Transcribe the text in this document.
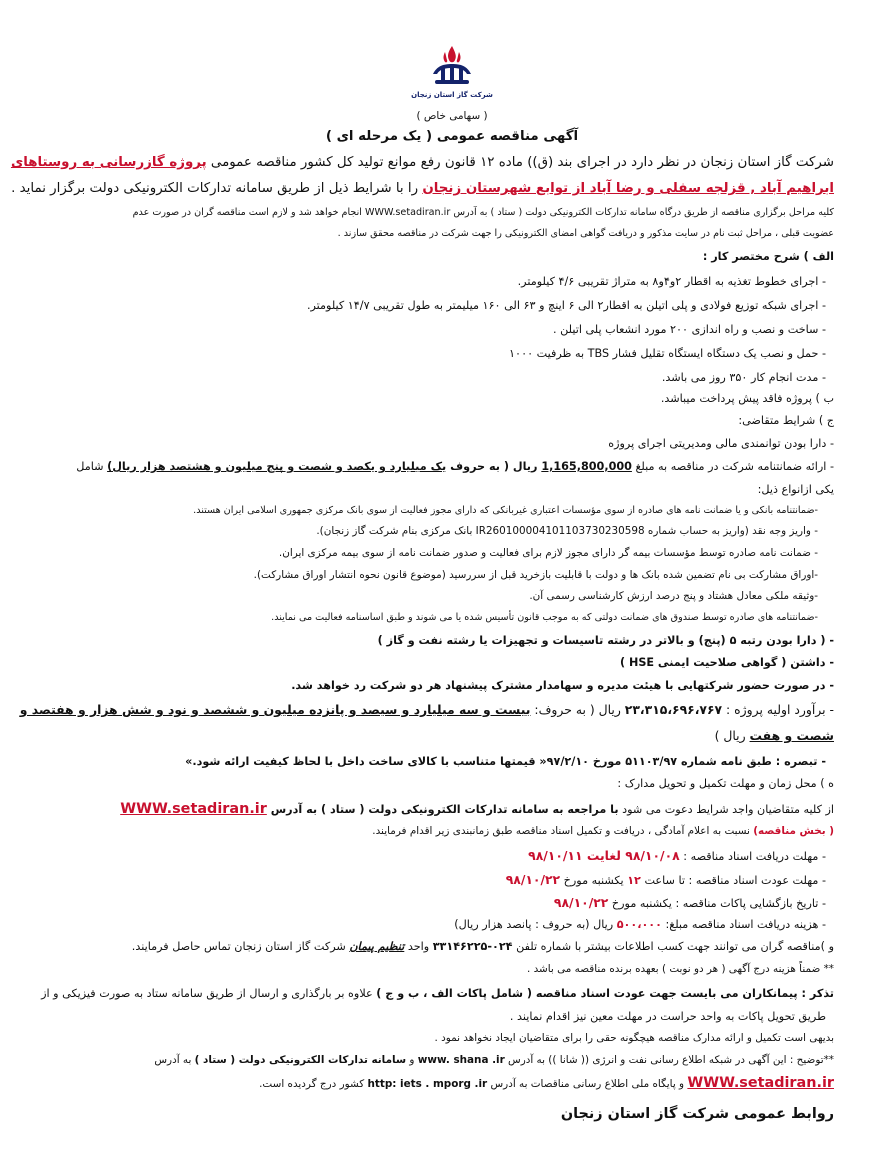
شرکت گاز استان زنجان
( سهامی خاص )
آگهی مناقصه عمومی ( یک مرحله ای )
شرکت گاز استان زنجان در نظر دارد در اجرای بند (ق)) ماده ۱۲ قانون رفع موانع تولید کل کشور مناقصه عمومی پروژه گازرسانی به روستاهای
ابراهیم آباد , قزلجه سفلی و رضا آباد از توابع شهرستان زنجان را با شرایط ذیل از طریق سامانه تدارکات الکترونیکی دولت برگزار نماید .
کلیه مراحل برگزاری مناقصه از طریق درگاه سامانه تدارکات الکترونیکی دولت ( ستاد ) به آدرس WWW.setadiran.ir انجام خواهد شد و لازم است مناقصه گران در صورت عدم
عضویت قبلی ، مراحل ثبت نام در سایت مذکور و دریافت گواهی امضای الکترونیکی را جهت شرکت در مناقصه محقق سازند .
الف ) شرح مختصر کار :
- اجرای خطوط تغذیه به اقطار ۲و۴و۸ به متراژ تقریبی ۴/۶ کیلومتر.
- اجرای شبکه توزیع فولادی و پلی اتیلن به اقطار۲ الی ۶ اینچ و ۶۳ الی ۱۶۰ میلیمتر به طول تقریبی ۱۴/۷ کیلومتر.
- ساخت و نصب و راه اندازی ۲۰۰ مورد انشعاب پلی اتیلن .
- حمل و نصب یک دستگاه ایستگاه تقلیل فشار TBS به ظرفیت ۱۰۰۰
- مدت انجام کار ۳۵۰ روز می باشد.
ب ) پروژه فاقد پیش پرداخت میباشد.
ج ) شرایط متقاضی:
- دارا بودن توانمندی مالی ومدیریتی اجرای پروژه
- ارائه ضمانتنامه شرکت در مناقصه به مبلغ 1,165,800,000 ریال ( به حروف یک میلیارد و یکصد و شصت و پنج میلیون و هشتصد هزار ریال) شامل
یکی ازانواع ذیل:
-ضمانتنامه بانکی و یا ضمانت نامه های صادره از سوی مؤسسات اعتباری غیربانکی که دارای مجوز فعالیت از سوی بانک مرکزی جمهوری اسلامی ایران هستند.
- واریز وجه نقد (واریز به حساب شماره IR260100004101103730230598 بانک مرکزی بنام شرکت گاز زنجان).
- ضمانت نامه صادره توسط مؤسسات بیمه گر دارای مجوز لازم برای فعالیت و صدور ضمانت نامه از سوی بیمه مرکزی ایران.
-اوراق مشارکت بی نام تضمین شده بانک ها و دولت با قابلیت بازخرید قبل از سررسید (موضوع قانون نحوه انتشار اوراق مشارکت).
-وثیقه ملکی معادل هشتاد و پنج درصد ارزش کارشناسی رسمی آن.
-ضمانتنامه های صادره توسط صندوق های ضمانت دولتی که به موجب قانون تأسیس شده یا می شوند و طبق اساسنامه فعالیت می نمایند.
- ( دارا بودن رتبه ۵ (پنج) و بالاتر در رشته تاسیسات و تجهیزات یا رشته نفت و گاز )
- داشتن ( گواهی صلاحیت ایمنی HSE )
- در صورت حضور شرکتهایی با هیئت مدیره و سهامدار مشترک پیشنهاد هر دو شرکت رد خواهد شد.
- برآورد اولیه پروژه : ۲۳،۳۱۵،۶۹۶،۷۶۷ ریال ( به حروف: بیست و سه میلیارد و سیصد و پانزده میلیون و ششصد و نود و شش هزار و هفتصد و
شصت و هفت ریال )
- تبصره : طبق نامه شماره ۵۱۱۰۳/۹۷ مورخ ۹۷/۲/۱۰« قیمتها متناسب با کالای ساخت داخل با لحاظ کیفیت ارائه شود.»
ه ) محل زمان و مهلت تکمیل و تحویل مدارک :
از کلیه متقاضیان واجد شرایط دعوت می شود با مراجعه به سامانه تدارکات الکترونیکی دولت ( ستاد ) به آدرس WWW.setadiran.ir
( بخش مناقصه) نسبت به اعلام آمادگی ، دریافت و تکمیل اسناد مناقصه طبق زمانبندی زیر اقدام فرمایند.
- مهلت دریافت اسناد مناقصه : ۹۸/۱۰/۰۸ لغایت ۹۸/۱۰/۱۱
- مهلت عودت اسناد مناقصه : تا ساعت ۱۲ یکشنبه مورخ ۹۸/۱۰/۲۲
- تاریخ بازگشایی پاکات مناقصه : یکشنبه مورخ ۹۸/۱۰/۲۲
- هزینه دریافت اسناد مناقصه مبلغ: ۵۰۰،۰۰۰ ریال (به حروف : پانصد هزار ریال)
و )مناقصه گران می توانند جهت کسب اطلاعات بیشتر با شماره تلفن ۰۲۴-۳۳۱۴۶۲۲۵ واحد تنظیم پیمان شرکت گاز استان زنجان تماس حاصل فرمایند.
** ضمناً هزینه درج آگهی ( هر دو نوبت ) بعهده برنده مناقصه می باشد .
تذکر : پیمانکاران می بایست جهت عودت اسناد مناقصه ( شامل پاکات الف ، ب و ج ) علاوه بر بارگذاری و ارسال از طریق سامانه ستاد به صورت فیزیکی و از
طریق تحویل پاکات به واحد حراست در مهلت معین نیز اقدام نمایند .
بدیهی است تکمیل و ارائه مدارک مناقصه هیچگونه حقی را برای متقاضیان ایجاد نخواهد نمود .
**توضیح : این آگهی در شبکه اطلاع رسانی نفت و انرژی (( شانا )) به آدرس www. shana .ir و سامانه تدارکات الکترونیکی دولت ( ستاد ) به آدرس
WWW.setadiran.ir و پایگاه ملی اطلاع رسانی مناقصات به آدرس http: iets . mporg .ir کشور درج گردیده است.
روابط عمومی شرکت گاز استان زنجان
